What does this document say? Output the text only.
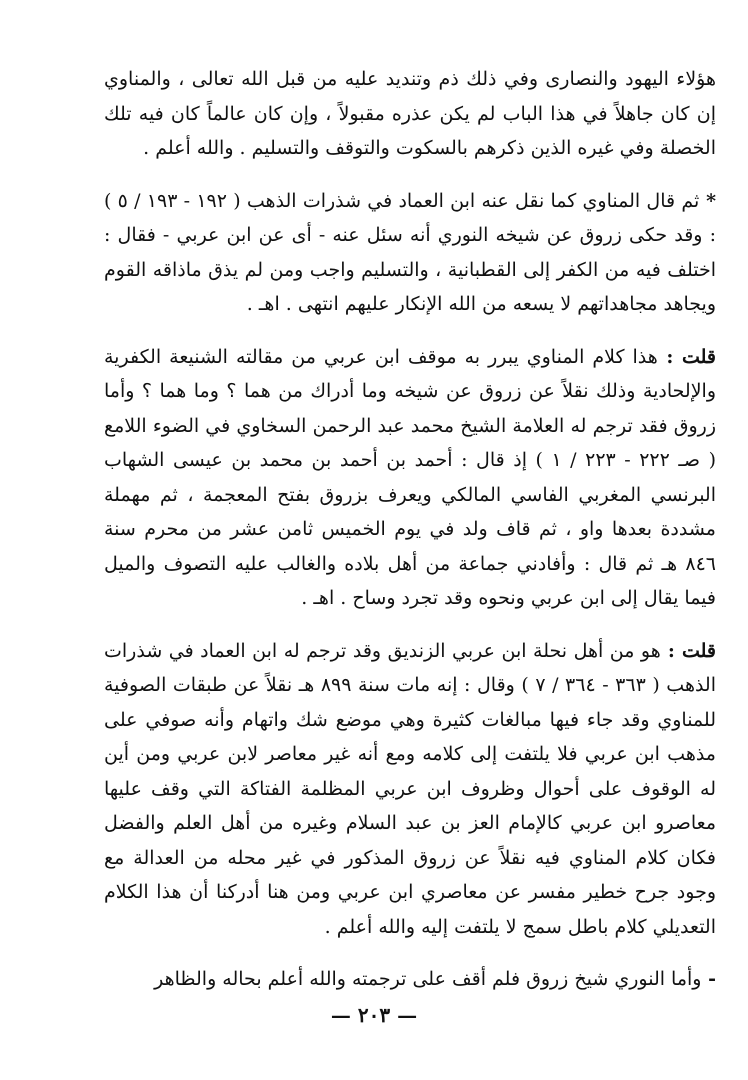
هؤلاء اليهود والنصارى وفي ذلك ذم وتنديد عليه من قبل الله تعالى ، والمناوي إن كان جاهلاً في هذا الباب لم يكن عذره مقبولاً ، وإن كان عالماً كان فيه تلك الخصلة وفي غيره الذين ذكرهم بالسكوت والتوقف والتسليم . والله أعلم .

* ثم قال المناوي كما نقل عنه ابن العماد في شذرات الذهب ( ١٩٢ - ١٩٣ / ٥ ) : وقد حكى زروق عن شيخه النوري أنه سئل عنه - أى عن ابن عربي - فقال : اختلف فيه من الكفر إلى القطبانية ، والتسليم واجب ومن لم يذق ماذاقه القوم ويجاهد مجاهداتهم لا يسعه من الله الإنكار عليهم انتهى . اهـ .

قلت : هذا كلام المناوي يبرر به موقف ابن عربي من مقالته الشنيعة الكفرية والإلحادية وذلك نقلاً عن زروق عن شيخه وما أدراك من هما ؟ وما هما ؟ وأما زروق فقد ترجم له العلامة الشيخ محمد عبد الرحمن السخاوي في الضوء اللامع ( صـ ٢٢٢ - ٢٢٣ / ١ ) إذ قال : أحمد بن أحمد بن محمد بن عيسى الشهاب البرنسي المغربي الفاسي المالكي ويعرف بزروق بفتح المعجمة ، ثم مهملة مشددة بعدها واو ، ثم قاف ولد في يوم الخميس ثامن عشر من محرم سنة ٨٤٦ هـ ثم قال : وأفادني جماعة من أهل بلاده والغالب عليه التصوف والميل فيما يقال إلى ابن عربي ونحوه وقد تجرد وساح . اهـ .

قلت : هو من أهل نحلة ابن عربي الزنديق وقد ترجم له ابن العماد في شذرات الذهب ( ٣٦٣ - ٣٦٤ / ٧ ) وقال : إنه مات سنة ٨٩٩ هـ نقلاً عن طبقات الصوفية للمناوي وقد جاء فيها مبالغات كثيرة وهي موضع شك واتهام وأنه صوفي على مذهب ابن عربي فلا يلتفت إلى كلامه ومع أنه غير معاصر لابن عربي ومن أين له الوقوف على أحوال وظروف ابن عربي المظلمة الفتاكة التي وقف عليها معاصرو ابن عربي كالإمام العز بن عبد السلام وغيره من أهل العلم والفضل فكان كلام المناوي فيه نقلاً عن زروق المذكور في غير محله من العدالة مع وجود جرح خطير مفسر عن معاصري ابن عربي ومن هنا أدركنا أن هذا الكلام التعديلي كلام باطل سمج لا يلتفت إليه والله أعلم .

- وأما النوري شيخ زروق فلم أقف على ترجمته والله أعلم بحاله والظاهر

— ٢٠٣ —
